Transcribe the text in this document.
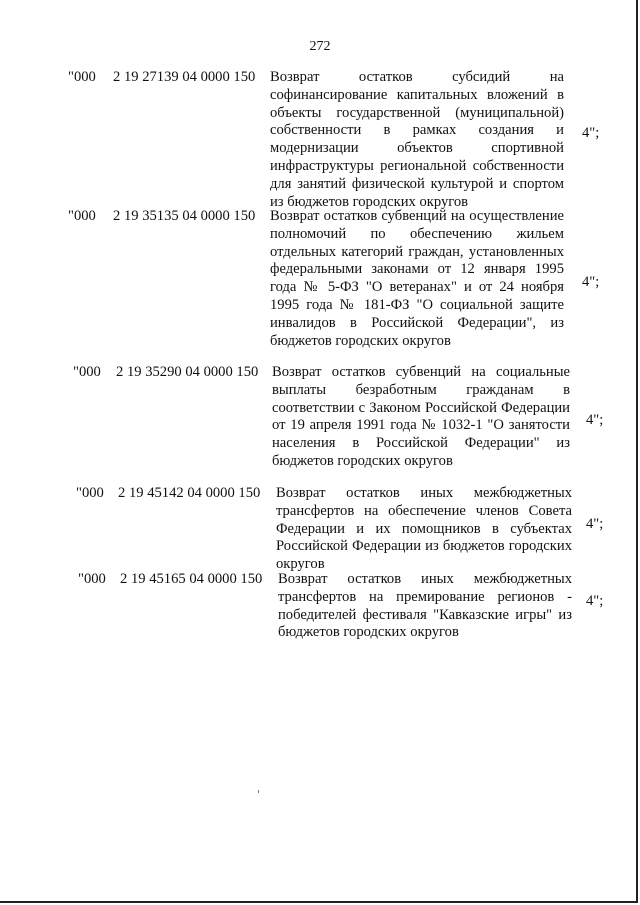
272
"000 2 19 27139 04 0000 150 Возврат остатков субсидий на софинансирование капитальных вложений в объекты государственной (муниципальной) собственности в рамках создания и модернизации объектов спортивной инфраструктуры региональной собственности для занятий физической культурой и спортом из бюджетов городских округов
4";
"000 2 19 35135 04 0000 150 Возврат остатков субвенций на осуществление полномочий по обеспечению жильем отдельных категорий граждан, установленных федеральными законами от 12 января 1995 года № 5-ФЗ "О ветеранах" и от 24 ноября 1995 года № 181-ФЗ "О социальной защите инвалидов в Российской Федерации", из бюджетов городских округов
4";
"000 2 19 35290 04 0000 150 Возврат остатков субвенций на социальные выплаты безработным гражданам в соответствии с Законом Российской Федерации от 19 апреля 1991 года № 1032-1 "О занятости населения в Российской Федерации" из бюджетов городских округов
4";
"000 2 19 45142 04 0000 150 Возврат остатков иных межбюджетных трансфертов на обеспечение членов Совета Федерации и их помощников в субъектах Российской Федерации из бюджетов городских округов
4";
"000 2 19 45165 04 0000 150 Возврат остатков иных межбюджетных трансфертов на премирование регионов - победителей фестиваля "Кавказские игры" из бюджетов городских округов
4";
